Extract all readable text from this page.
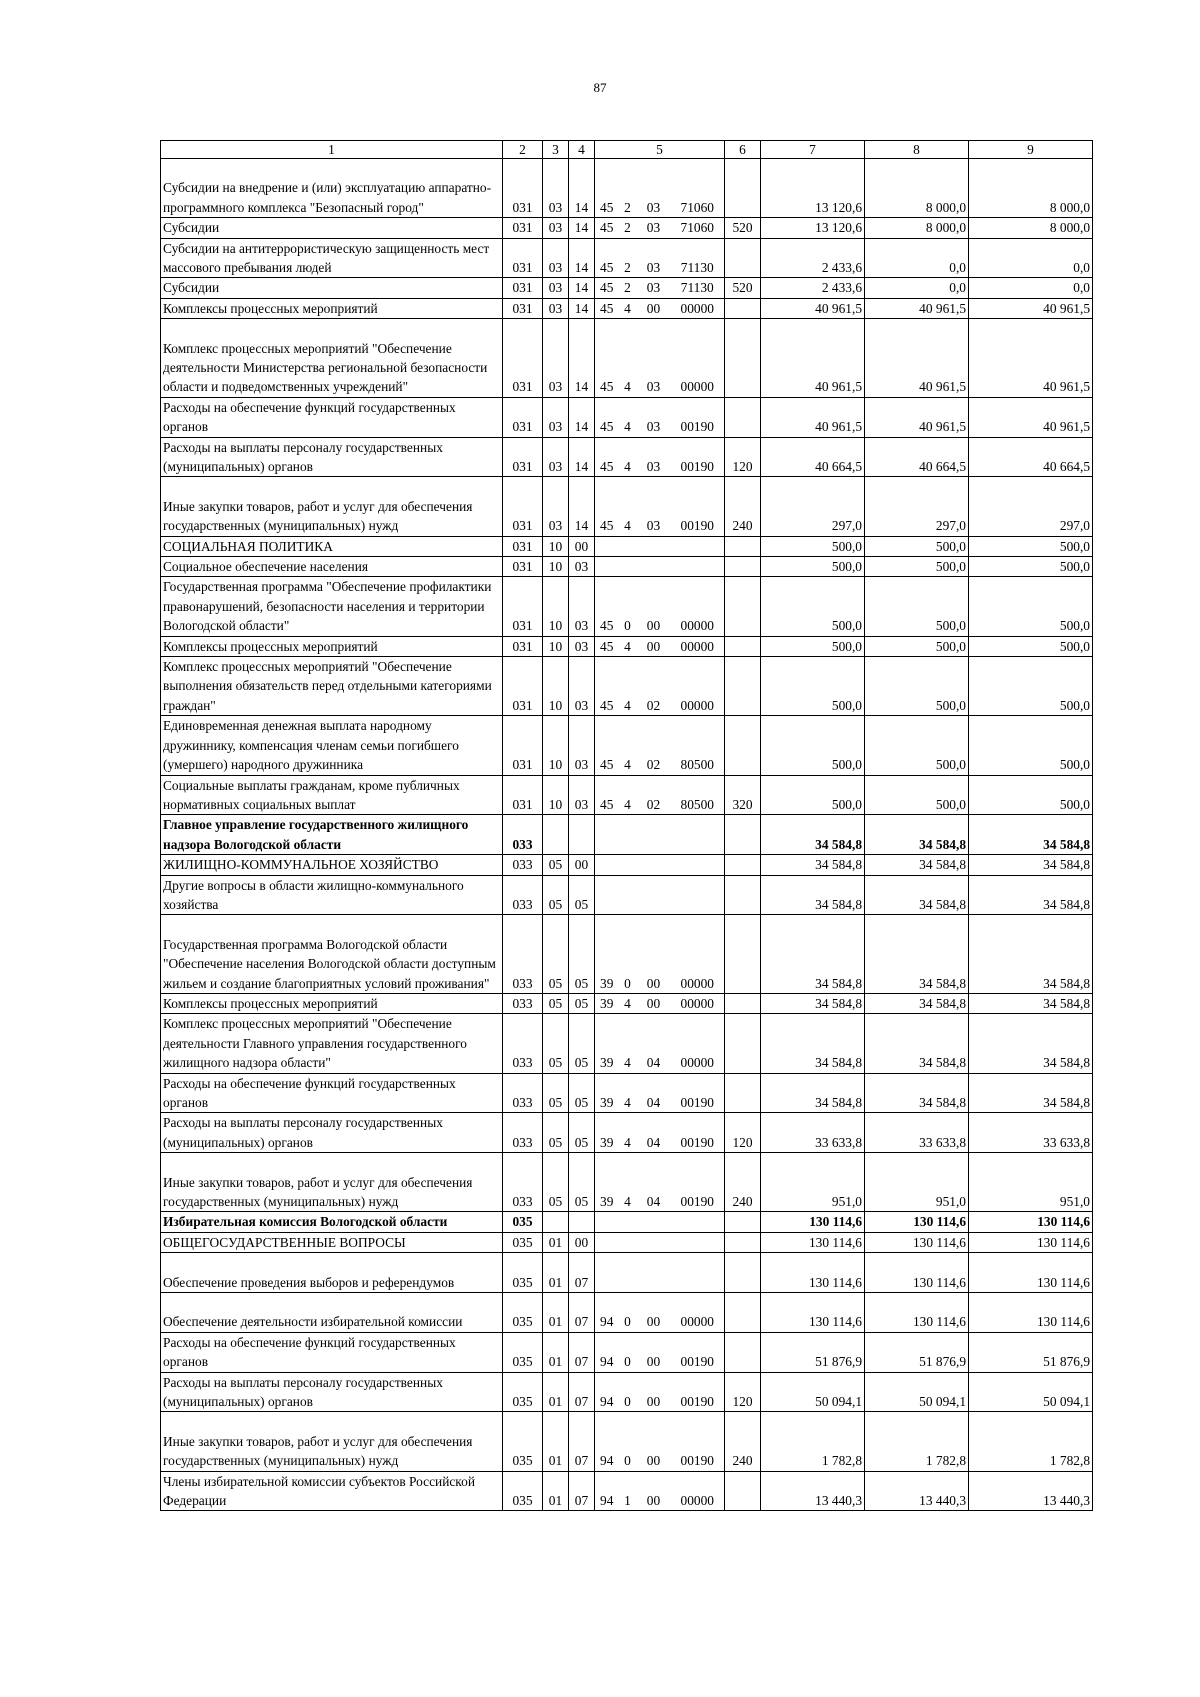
87
1	2	3	4	5				6	7	8	9
Субсидии на внедрение и (или) эксплуатацию аппаратно-программного комплекса "Безопасный город"	031	03	14	45	2	03	71060		13 120,6	8 000,0	8 000,0
Субсидии	031	03	14	45	2	03	71060	520	13 120,6	8 000,0	8 000,0
Субсидии на антитеррористическую защищенность мест массового пребывания людей	031	03	14	45	2	03	71130		2 433,6	0,0	0,0
Субсидии	031	03	14	45	2	03	71130	520	2 433,6	0,0	0,0
Комплексы процессных мероприятий	031	03	14	45	4	00	00000		40 961,5	40 961,5	40 961,5
Комплекс процессных мероприятий "Обеспечение деятельности Министерства региональной безопасности области и подведомственных учреждений"	031	03	14	45	4	03	00000		40 961,5	40 961,5	40 961,5
Расходы на обеспечение функций государственных органов	031	03	14	45	4	03	00190		40 961,5	40 961,5	40 961,5
Расходы на выплаты персоналу государственных (муниципальных) органов	031	03	14	45	4	03	00190	120	40 664,5	40 664,5	40 664,5
Иные закупки товаров, работ и услуг для обеспечения государственных (муниципальных) нужд	031	03	14	45	4	03	00190	240	297,0	297,0	297,0
СОЦИАЛЬНАЯ ПОЛИТИКА	031	10	00						500,0	500,0	500,0
Социальное обеспечение населения	031	10	03						500,0	500,0	500,0
Государственная программа "Обеспечение профилактики правонарушений, безопасности населения и территории Вологодской области"	031	10	03	45	0	00	00000		500,0	500,0	500,0
Комплексы процессных мероприятий	031	10	03	45	4	00	00000		500,0	500,0	500,0
Комплекс процессных мероприятий "Обеспечение выполнения обязательств перед отдельными категориями граждан"	031	10	03	45	4	02	00000		500,0	500,0	500,0
Единовременная денежная выплата народному дружиннику, компенсация членам семьи погибшего (умершего) народного дружинника	031	10	03	45	4	02	80500		500,0	500,0	500,0
Социальные выплаты гражданам, кроме публичных нормативных социальных выплат	031	10	03	45	4	02	80500	320	500,0	500,0	500,0
Главное управление государственного жилищного надзора Вологодской области	033								34 584,8	34 584,8	34 584,8
ЖИЛИЩНО-КОММУНАЛЬНОЕ ХОЗЯЙСТВО	033	05	00						34 584,8	34 584,8	34 584,8
Другие вопросы в области жилищно-коммунального хозяйства	033	05	05						34 584,8	34 584,8	34 584,8
Государственная программа Вологодской области "Обеспечение населения Вологодской области доступным жильем и создание благоприятных условий проживания"	033	05	05	39	0	00	00000		34 584,8	34 584,8	34 584,8
Комплексы процессных мероприятий	033	05	05	39	4	00	00000		34 584,8	34 584,8	34 584,8
Комплекс процессных мероприятий "Обеспечение деятельности Главного управления государственного жилищного надзора области"	033	05	05	39	4	04	00000		34 584,8	34 584,8	34 584,8
Расходы на обеспечение функций государственных органов	033	05	05	39	4	04	00190		34 584,8	34 584,8	34 584,8
Расходы на выплаты персоналу государственных (муниципальных) органов	033	05	05	39	4	04	00190	120	33 633,8	33 633,8	33 633,8
Иные закупки товаров, работ и услуг для обеспечения государственных (муниципальных) нужд	033	05	05	39	4	04	00190	240	951,0	951,0	951,0
Избирательная комиссия Вологодской области	035								130 114,6	130 114,6	130 114,6
ОБЩЕГОСУДАРСТВЕННЫЕ ВОПРОСЫ	035	01	00						130 114,6	130 114,6	130 114,6
Обеспечение проведения выборов и референдумов	035	01	07						130 114,6	130 114,6	130 114,6
Обеспечение деятельности избирательной комиссии	035	01	07	94	0	00	00000		130 114,6	130 114,6	130 114,6
Расходы на обеспечение функций государственных органов	035	01	07	94	0	00	00190		51 876,9	51 876,9	51 876,9
Расходы на выплаты персоналу государственных (муниципальных) органов	035	01	07	94	0	00	00190	120	50 094,1	50 094,1	50 094,1
Иные закупки товаров, работ и услуг для обеспечения государственных (муниципальных) нужд	035	01	07	94	0	00	00190	240	1 782,8	1 782,8	1 782,8
Члены избирательной комиссии субъектов Российской Федерации	035	01	07	94	1	00	00000		13 440,3	13 440,3	13 440,3
